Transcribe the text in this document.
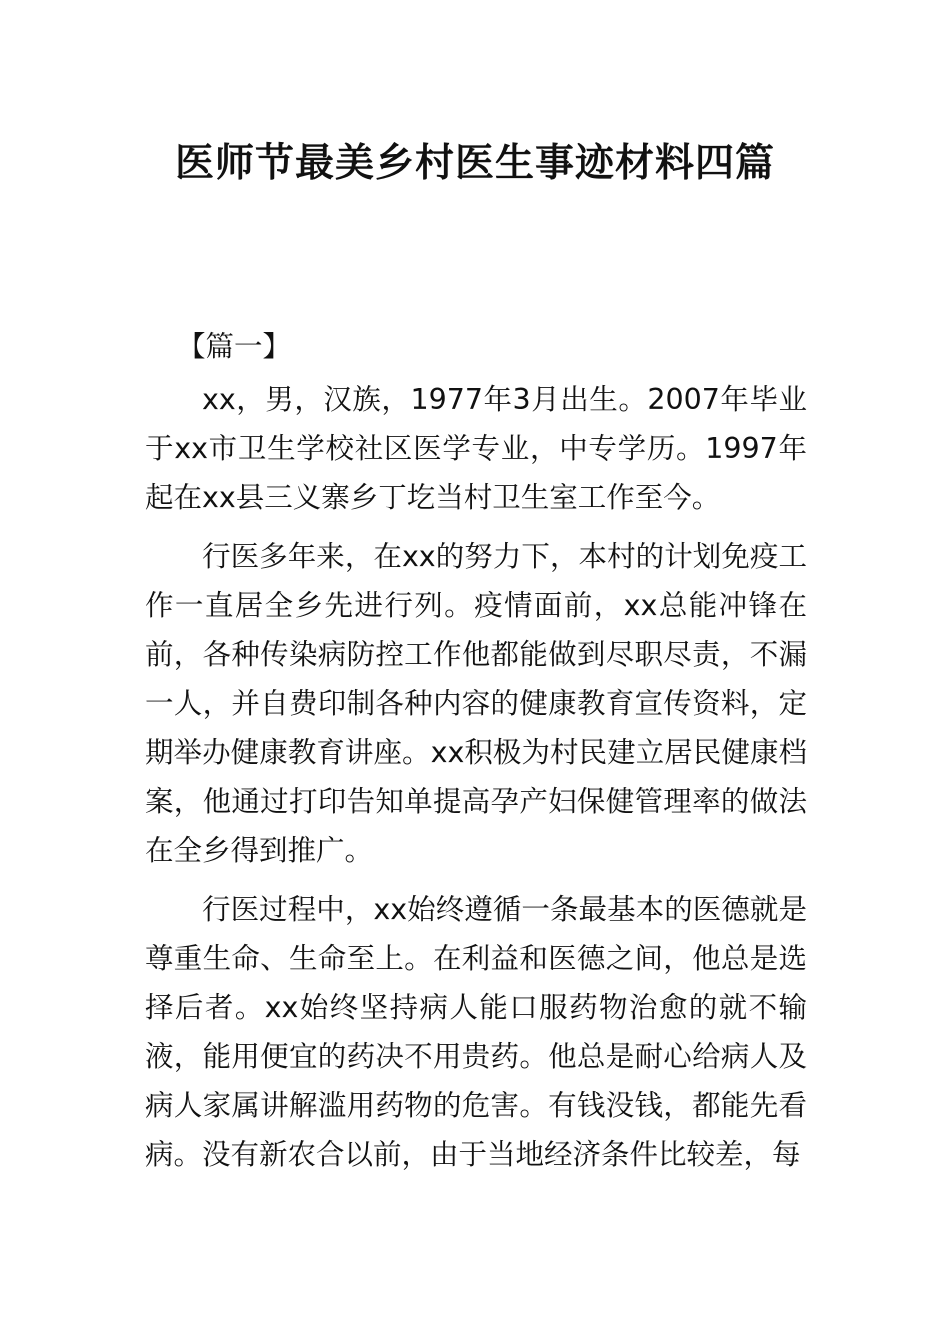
医师节最美乡村医生事迹材料四篇

【篇一】

xx，男，汉族，1977年3月出生。2007年毕业于xx市卫生学校社区医学专业，中专学历。1997年起在xx县三义寨乡丁圪当村卫生室工作至今。

行医多年来，在xx的努力下，本村的计划免疫工作一直居全乡先进行列。疫情面前，xx总能冲锋在前，各种传染病防控工作他都能做到尽职尽责，不漏一人，并自费印制各种内容的健康教育宣传资料，定期举办健康教育讲座。xx积极为村民建立居民健康档案，他通过打印告知单提高孕产妇保健管理率的做法在全乡得到推广。

行医过程中，xx始终遵循一条最基本的医德就是尊重生命、生命至上。在利益和医德之间，他总是选择后者。xx始终坚持病人能口服药物治愈的就不输液，能用便宜的药决不用贵药。他总是耐心给病人及病人家属讲解滥用药物的危害。有钱没钱，都能先看病。没有新农合以前，由于当地经济条件比较差，每
